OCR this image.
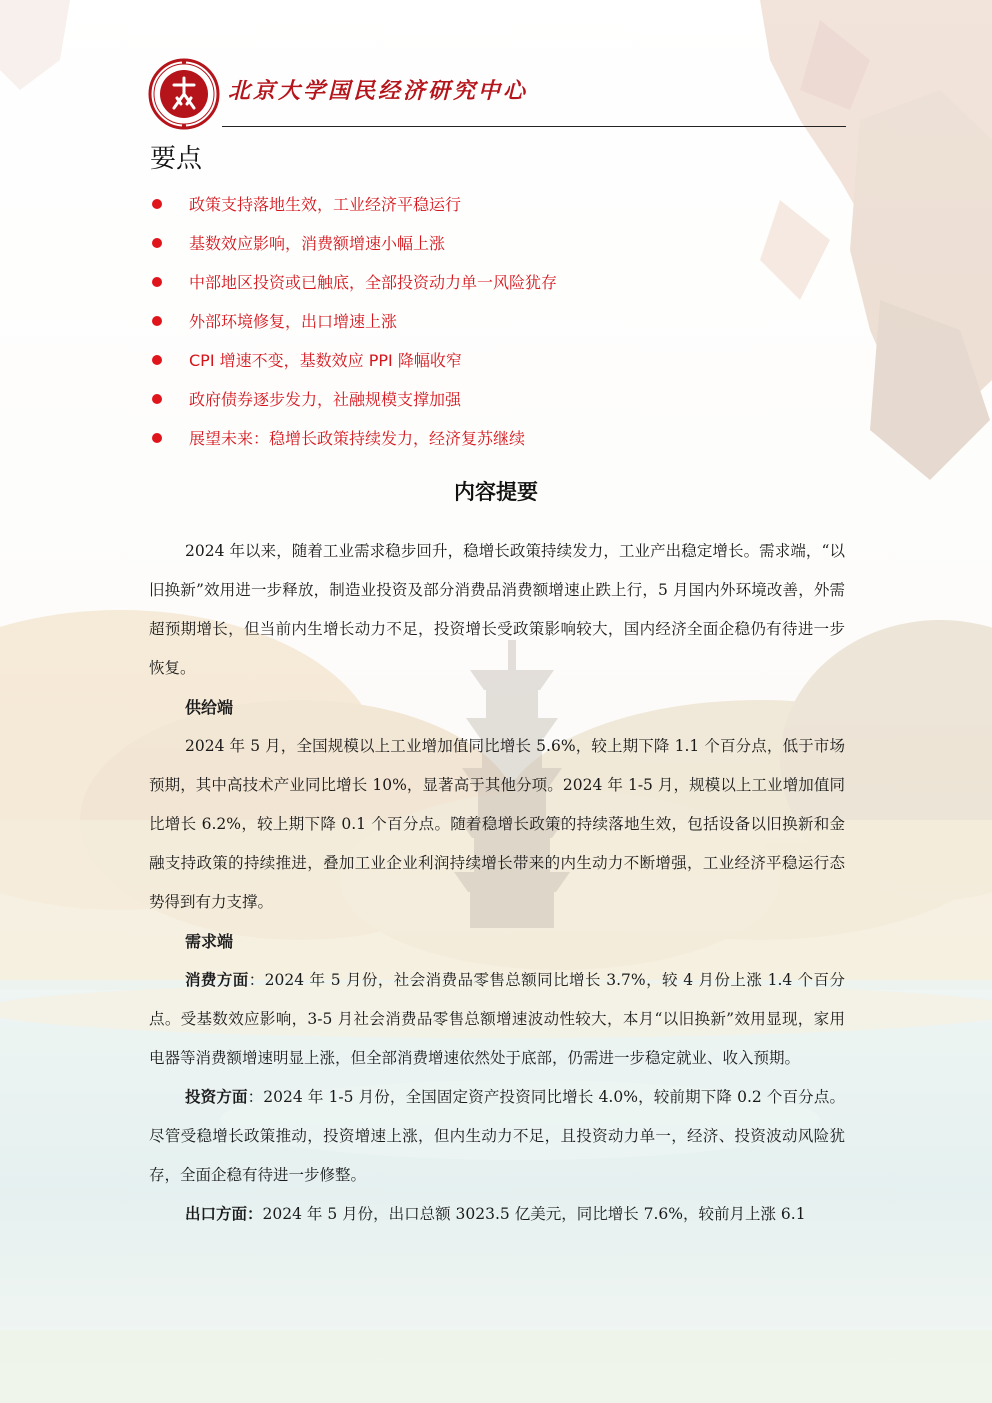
北京大学国民经济研究中心
要点
政策支持落地生效，工业经济平稳运行
基数效应影响，消费额增速小幅上涨
中部地区投资或已触底，全部投资动力单一风险犹存
外部环境修复，出口增速上涨
CPI 增速不变，基数效应 PPI 降幅收窄
政府债券逐步发力，社融规模支撑加强
展望未来：稳增长政策持续发力，经济复苏继续
内容提要

2024 年以来，随着工业需求稳步回升，稳增长政策持续发力，工业产出稳定增长。需求端，“以旧换新”效用进一步释放，制造业投资及部分消费品消费额增速止跌上行，5 月国内外环境改善，外需超预期增长，但当前内生增长动力不足，投资增长受政策影响较大，国内经济全面企稳仍有待进一步恢复。

供给端

2024 年 5 月，全国规模以上工业增加值同比增长 5.6%，较上期下降 1.1 个百分点，低于市场预期，其中高技术产业同比增长 10%，显著高于其他分项。2024 年 1-5 月，规模以上工业增加值同比增长 6.2%，较上期下降 0.1 个百分点。随着稳增长政策的持续落地生效，包括设备以旧换新和金融支持政策的持续推进，叠加工业企业利润持续增长带来的内生动力不断增强，工业经济平稳运行态势得到有力支撑。

需求端

消费方面：2024 年 5 月份，社会消费品零售总额同比增长 3.7%，较 4 月份上涨 1.4 个百分点。受基数效应影响，3-5 月社会消费品零售总额增速波动性较大，本月“以旧换新”效用显现，家用电器等消费额增速明显上涨，但全部消费增速依然处于底部，仍需进一步稳定就业、收入预期。

投资方面：2024 年 1-5 月份，全国固定资产投资同比增长 4.0%，较前期下降 0.2 个百分点。尽管受稳增长政策推动，投资增速上涨，但内生动力不足，且投资动力单一，经济、投资波动风险犹存，全面企稳有待进一步修整。

出口方面：2024 年 5 月份，出口总额 3023.5 亿美元，同比增长 7.6%，较前月上涨 6.1
